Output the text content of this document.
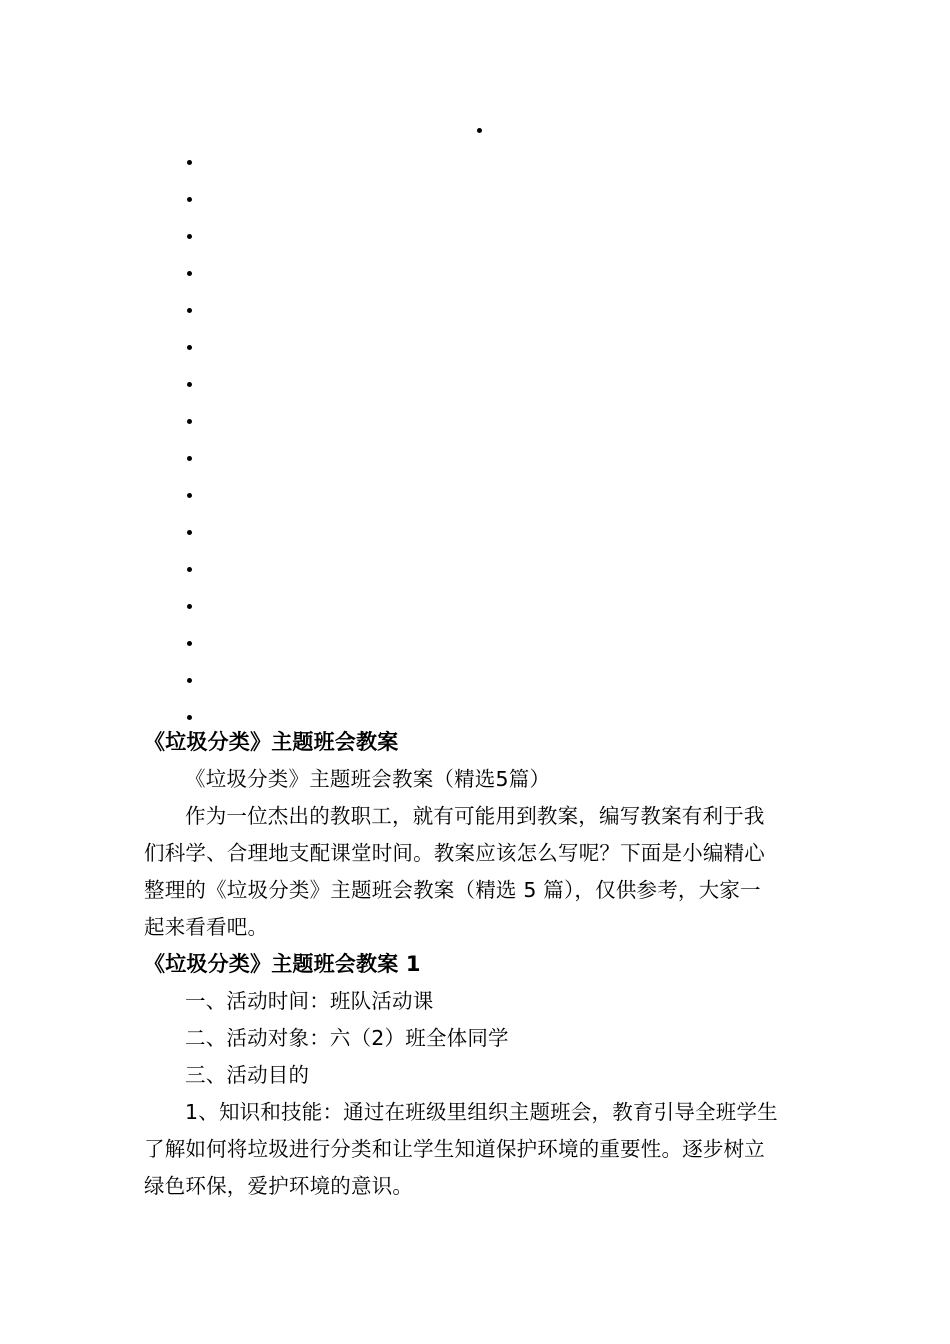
《垃圾分类》主题班会教案
《垃圾分类》主题班会教案（精选5篇）
作为一位杰出的教职工，就有可能用到教案，编写教案有利于我
们科学、合理地支配课堂时间。教案应该怎么写呢？下面是小编精心
整理的《垃圾分类》主题班会教案（精选 5 篇），仅供参考，大家一
起来看看吧。
《垃圾分类》主题班会教案 1
一、活动时间：班队活动课
二、活动对象：六（2）班全体同学
三、活动目的
1、知识和技能：通过在班级里组织主题班会，教育引导全班学生
了解如何将垃圾进行分类和让学生知道保护环境的重要性。逐步树立
绿色环保，爱护环境的意识。
